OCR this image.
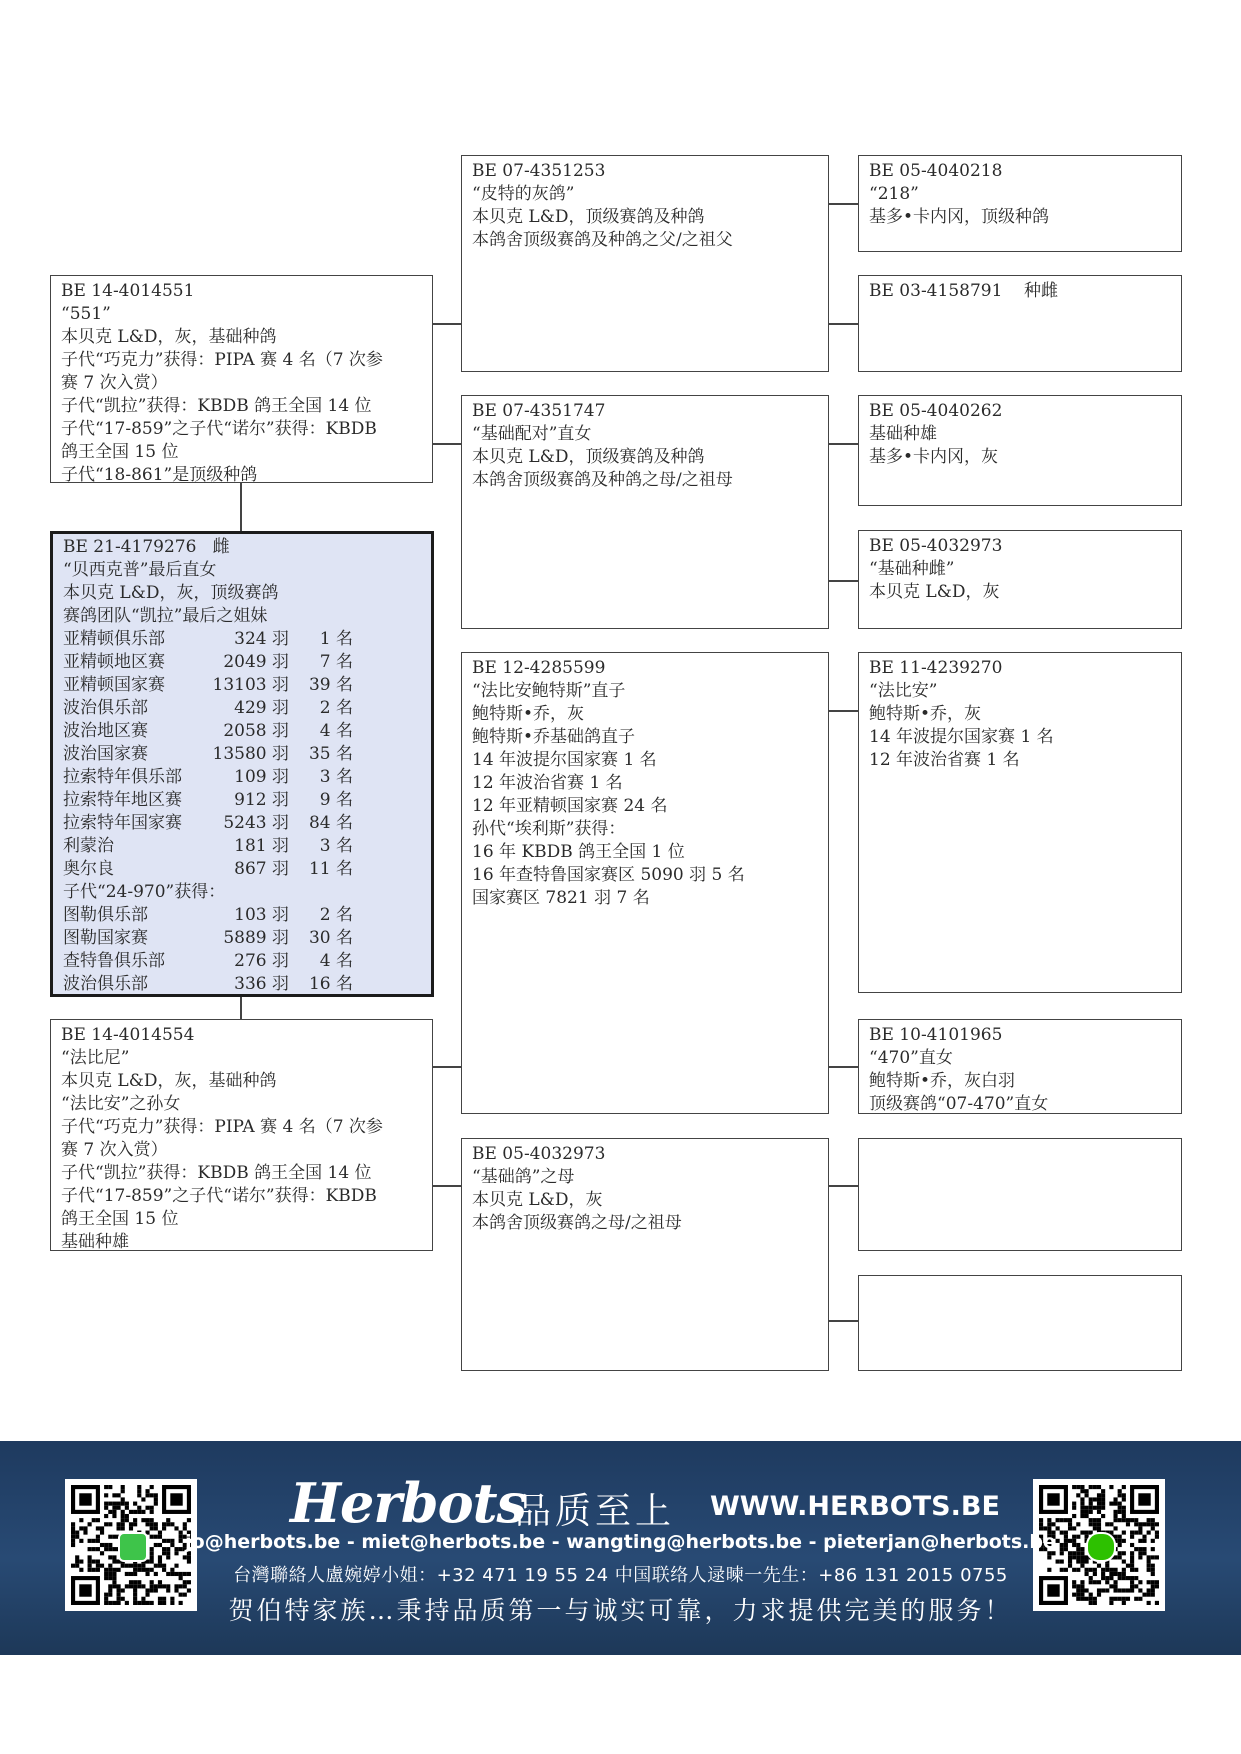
BE 14-4014551
“551”
本贝克 L&D，灰，基础种鸽
子代“巧克力”获得：PIPA 赛 4 名（7 次参
赛 7 次入赏）
子代“凯拉”获得：KBDB 鸽王全国 14 位
子代“17-859”之子代“诺尔”获得：KBDB
鸽王全国 15 位
子代“18-861”是顶级种鸽
BE 21-4179276   雌
“贝西克普”最后直女
本贝克 L&D，灰，顶级赛鸽
赛鸽团队“凯拉”最后之姐妹
亚精顿俱乐部	324 羽	1 名
亚精顿地区赛	2049 羽	7 名
亚精顿国家赛	13103 羽	39 名
波治俱乐部	429 羽	2 名
波治地区赛	2058 羽	4 名
波治国家赛	13580 羽	35 名
拉索特年俱乐部	109 羽	3 名
拉索特年地区赛	912 羽	9 名
拉索特年国家赛	5243 羽	84 名
利蒙治	181 羽	3 名
奥尔良	867 羽	11 名
子代“24-970”获得：
图勒俱乐部	103 羽	2 名
图勒国家赛	5889 羽	30 名
查特鲁俱乐部	276 羽	4 名
波治俱乐部	336 羽	16 名
BE 14-4014554
“法比尼”
本贝克 L&D，灰，基础种鸽
“法比安”之孙女
子代“巧克力”获得：PIPA 赛 4 名（7 次参
赛 7 次入赏）
子代“凯拉”获得：KBDB 鸽王全国 14 位
子代“17-859”之子代“诺尔”获得：KBDB
鸽王全国 15 位
基础种雄
BE 07-4351253
“皮特的灰鸽”
本贝克 L&D，顶级赛鸽及种鸽
本鸽舍顶级赛鸽及种鸽之父/之祖父
BE 07-4351747
“基础配对”直女
本贝克 L&D，顶级赛鸽及种鸽
本鸽舍顶级赛鸽及种鸽之母/之祖母
BE 12-4285599
“法比安鲍特斯”直子
鲍特斯•乔，灰
鲍特斯•乔基础鸽直子
14 年波提尔国家赛 1 名
12 年波治省赛 1 名
12 年亚精顿国家赛 24 名
孙代“埃利斯”获得：
16 年 KBDB 鸽王全国 1 位
16 年查特鲁国家赛区 5090 羽 5 名
国家赛区 7821 羽 7 名
BE 05-4032973
“基础鸽”之母
本贝克 L&D，灰
本鸽舍顶级赛鸽之母/之祖母
BE 05-4040218
“218”
基多•卡内冈，顶级种鸽
BE 03-4158791    种雌
BE 05-4040262
基础种雄
基多•卡内冈，灰
BE 05-4032973
“基础种雌”
本贝克 L&D，灰
BE 11-4239270
“法比安”
鲍特斯•乔，灰
14 年波提尔国家赛 1 名
12 年波治省赛 1 名
BE 10-4101965
“470”直女
鲍特斯•乔，灰白羽
顶级赛鸽“07-470”直女
Herbots
品质至上 WWW.HERBOTS.BE
jo@herbots.be - miet@herbots.be - wangting@herbots.be - pieterjan@herbots.be
台灣聯絡人盧婉婷小姐：+32 471 19 55 24 中国联络人逯暕一先生：+86 131 2015 0755
贺伯特家族…秉持品质第一与诚实可靠，力求提供完美的服务！
